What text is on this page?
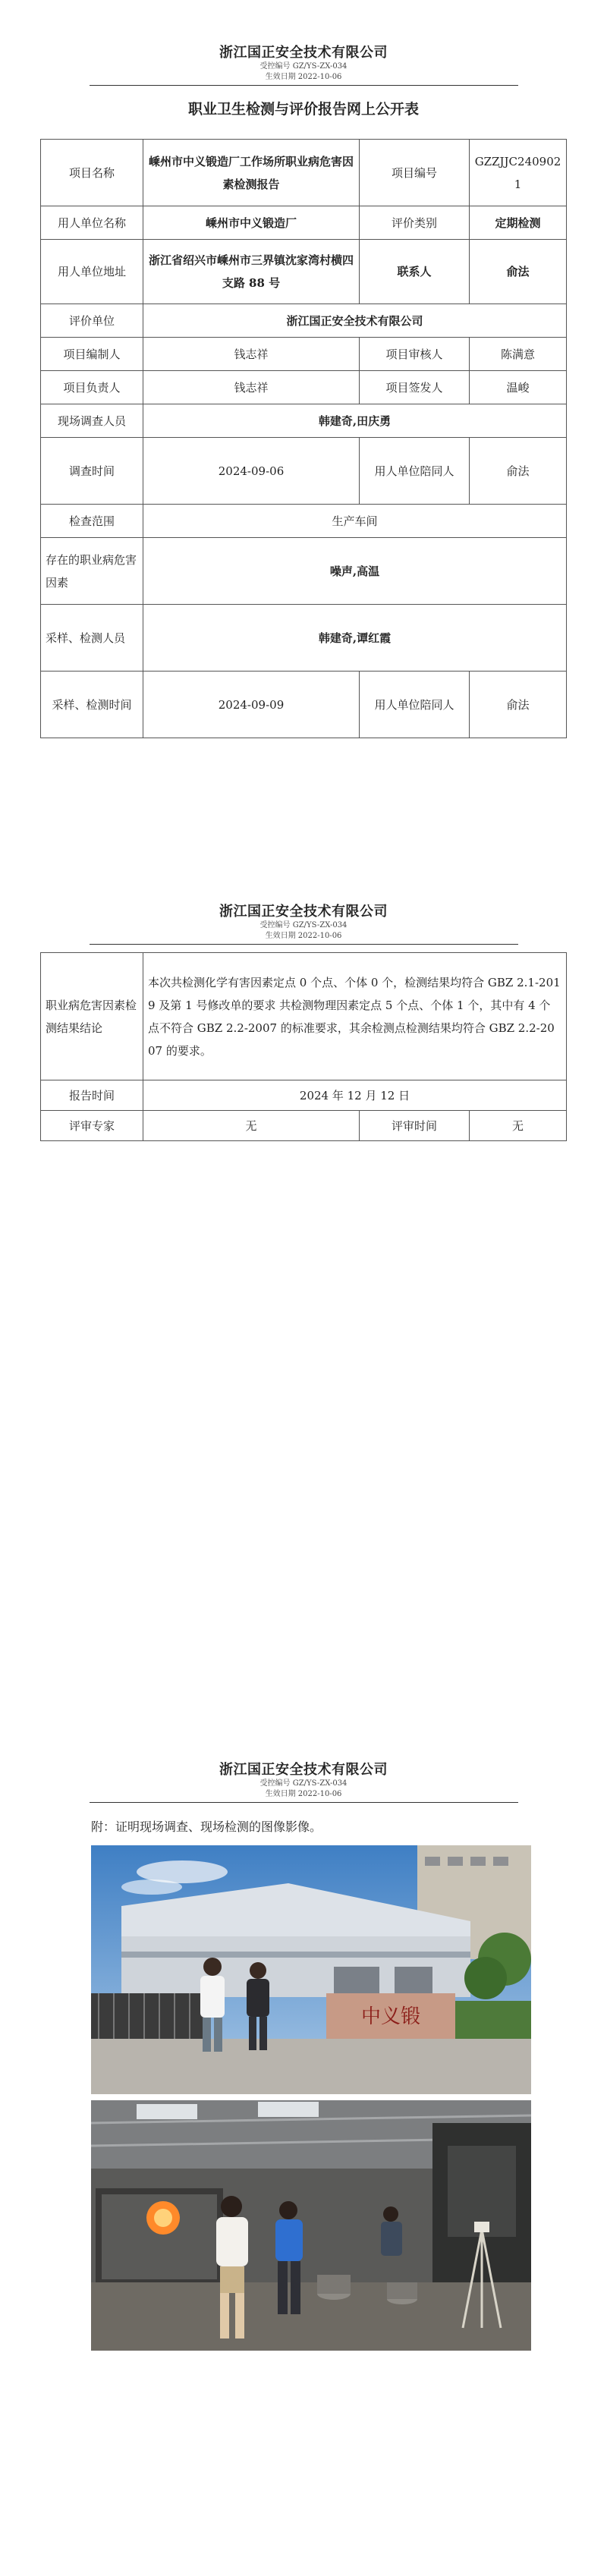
浙江国正安全技术有限公司
受控编号 GZ/YS-ZX-034
生效日期 2022-10-06
职业卫生检测与评价报告网上公开表
项目名称	嵊州市中义锻造厂工作场所职业病危害因素检测报告	项目编号	GZZJJC2409021
用人单位名称	嵊州市中义锻造厂	评价类别	定期检测
用人单位地址	浙江省绍兴市嵊州市三界镇沈家湾村横四支路 88 号	联系人	俞法
评价单位	浙江国正安全技术有限公司		
项目编制人	钱志祥	项目审核人	陈满意
项目负责人	钱志祥	项目签发人	温峻
现场调查人员	韩建奇,田庆勇		
调查时间	2024-09-06	用人单位陪同人	俞法
检查范围	生产车间		
存在的职业病危害因素	噪声,高温		
采样、检测人员	韩建奇,谭红霞		
采样、检测时间	2024-09-09	用人单位陪同人	俞法
浙江国正安全技术有限公司
受控编号 GZ/YS-ZX-034
生效日期 2022-10-06
职业病危害因素检测结果结论	本次共检测化学有害因素定点 0 个点、个体 0 个，检测结果均符合 GBZ 2.1-2019 及第 1 号修改单的要求 共检测物理因素定点 5 个点、个体 1 个，其中有 4 个点不符合 GBZ 2.2-2007 的标准要求，其余检测点检测结果均符合 GBZ 2.2-2007 的要求。		
报告时间	2024 年 12 月 12 日		
评审专家	无	评审时间	无
浙江国正安全技术有限公司
受控编号 GZ/YS-ZX-034
生效日期 2022-10-06
附：证明现场调查、现场检测的图像影像。
中义锻
